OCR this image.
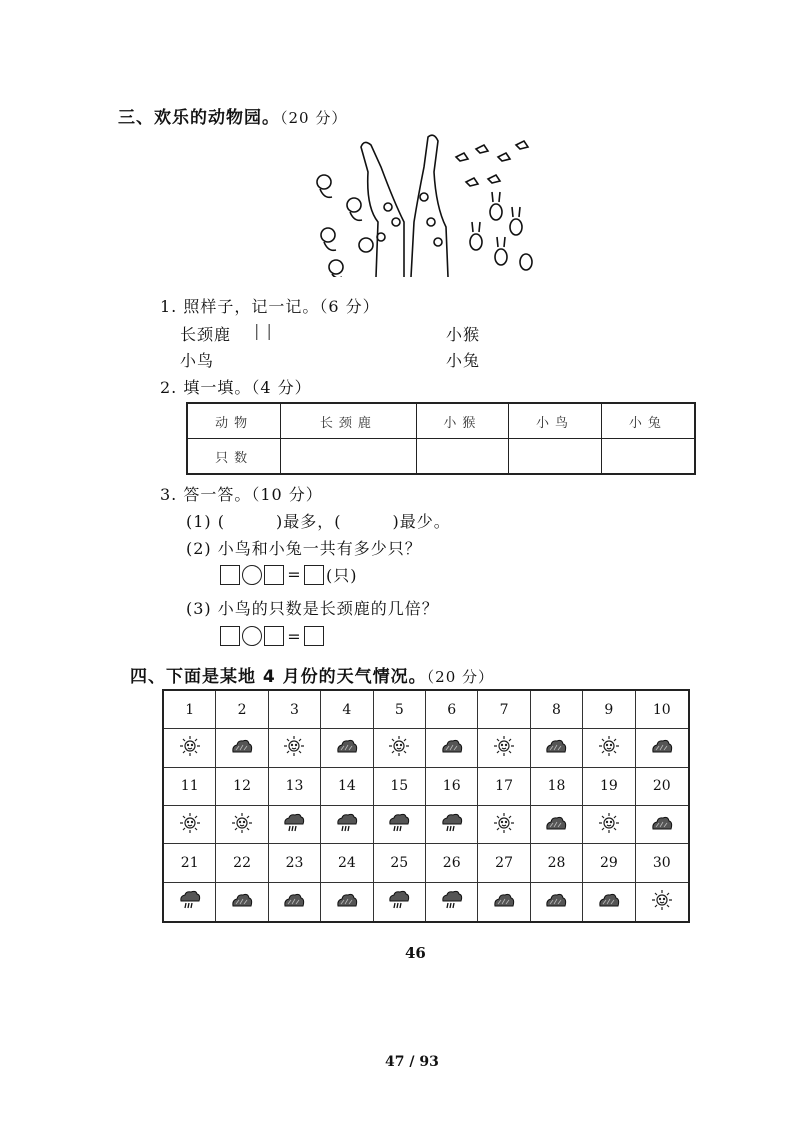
三、欢乐的动物园。（20 分）
1. 照样子，记一记。（6 分）
长颈鹿 | |	小猴
小鸟	小兔
2. 填一填。（4 分）
动物	长颈鹿	小猴	小鸟	小兔
只数				
3. 答一答。（10 分）
(1) (　　　)最多，(　　　)最少。
(2) 小鸟和小兔一共有多少只？
= (只)
(3) 小鸟的只数是长颈鹿的几倍？
=
四、下面是某地 4 月份的天气情况。（20 分）
1	2	3	4	5	6	7	8	9	10
11 12 13 14 15 16 17 18 19	20
21 22 23 24 25 26 27 28 29	30
46
47 / 93
